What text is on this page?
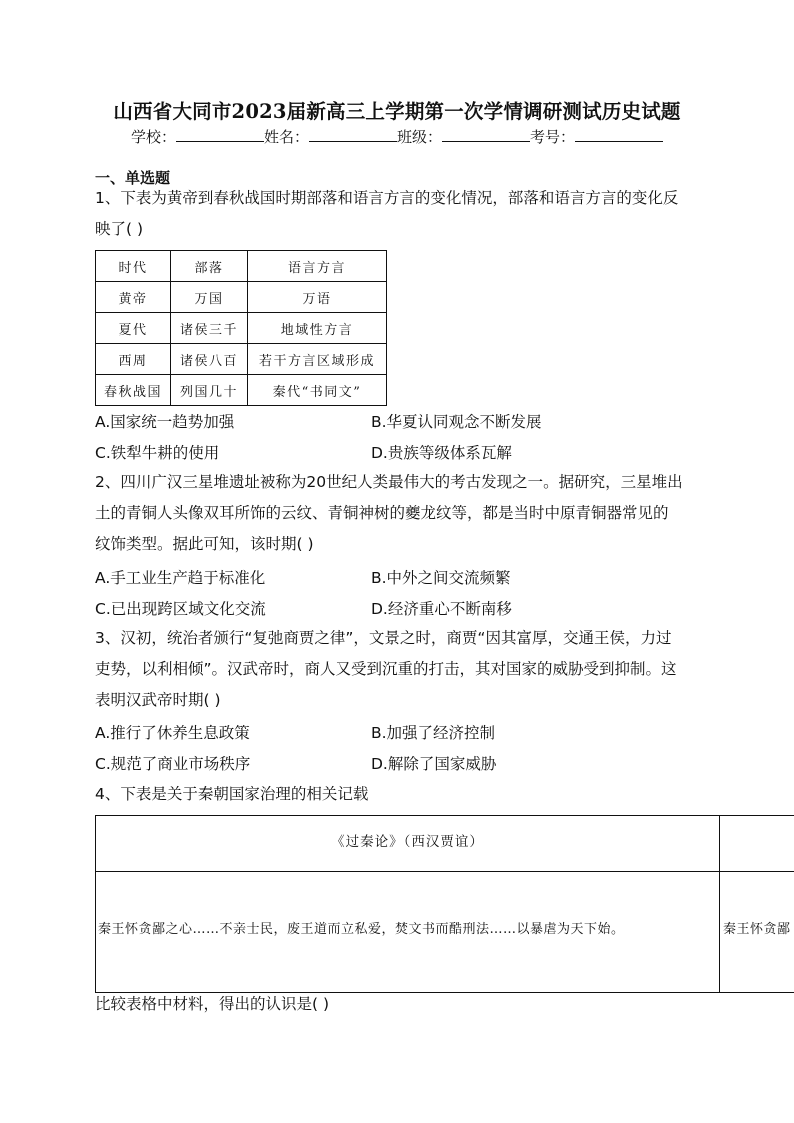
山西省大同市2023届新高三上学期第一次学情调研测试历史试题
学校：	姓名：	班级：	考号：
一、单选题
1、下表为黄帝到春秋战国时期部落和语言方言的变化情况，部落和语言方言的变化反
映了( )
时代	部落	语言方言
黄帝	万国	万语
夏代	诸侯三千	地域性方言
西周	诸侯八百	若干方言区域形成
春秋战国	列国几十	秦代“书同文”
A.国家统一趋势加强	B.华夏认同观念不断发展
C.铁犁牛耕的使用	D.贵族等级体系瓦解
2、四川广汉三星堆遗址被称为20世纪人类最伟大的考古发现之一。据研究，三星堆出
土的青铜人头像双耳所饰的云纹、青铜神树的夔龙纹等，都是当时中原青铜器常见的
纹饰类型。据此可知，该时期( )
A.手工业生产趋于标准化	B.中外之间交流频繁
C.已出现跨区域文化交流	D.经济重心不断南移
3、汉初，统治者颁行“复弛商贾之律”，文景之时，商贾“因其富厚，交通王侯，力过
吏势，以利相倾”。汉武帝时，商人又受到沉重的打击，其对国家的威胁受到抑制。这
表明汉武帝时期( )
A.推行了休养生息政策	B.加强了经济控制
C.规范了商业市场秩序	D.解除了国家威胁
4、下表是关于秦朝国家治理的相关记载
《过秦论》（西汉贾谊）
秦王怀贪鄙之心……不亲士民，废王道而立私爱，焚文书而酷刑法……以暴虐为天下始。	秦王怀贪鄙
比较表格中材料，得出的认识是( )
